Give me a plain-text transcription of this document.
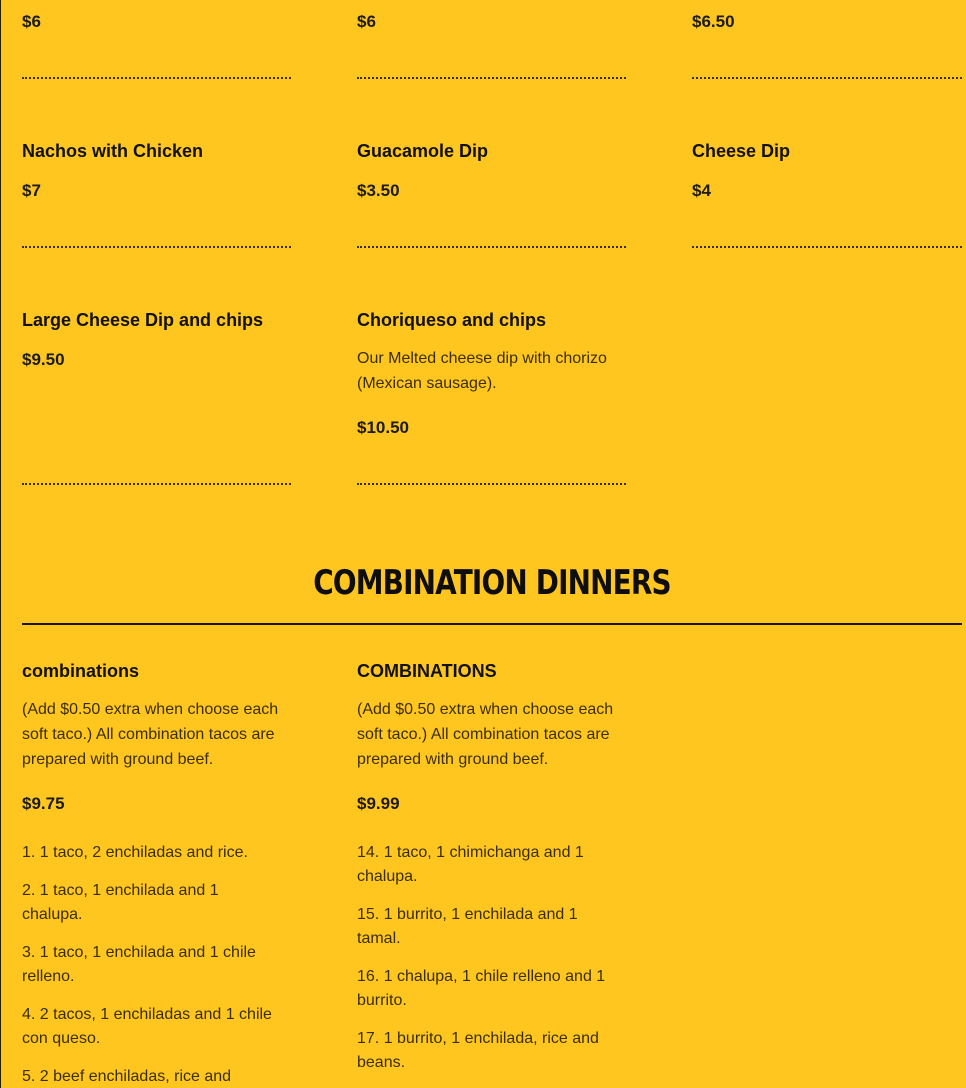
$6	$6	$6.50

Nachos with Chicken

$7

Guacamole Dip

$3.50

Cheese Dip

$4

Large Cheese Dip and chips

$9.50

Choriqueso and chips

Our Melted cheese dip with chorizo (Mexican sausage).

$10.50

COMBINATION DINNERS

combinations

(Add $0.50 extra when choose each soft taco.) All combination tacos are prepared with ground beef.

$9.75

1. 1 taco, 2 enchiladas and rice.
2. 1 taco, 1 enchilada and 1 chalupa.
3. 1 taco, 1 enchilada and 1 chile relleno.
4. 2 tacos, 1 enchiladas and 1 chile con queso.
5. 2 beef enchiladas, rice and

COMBINATIONS

(Add $0.50 extra when choose each soft taco.) All combination tacos are prepared with ground beef.

$9.99

14. 1 taco, 1 chimichanga and 1 chalupa.
15. 1 burrito, 1 enchilada and 1 tamal.
16. 1 chalupa, 1 chile relleno and 1 burrito.
17. 1 burrito, 1 enchilada, rice and beans.
